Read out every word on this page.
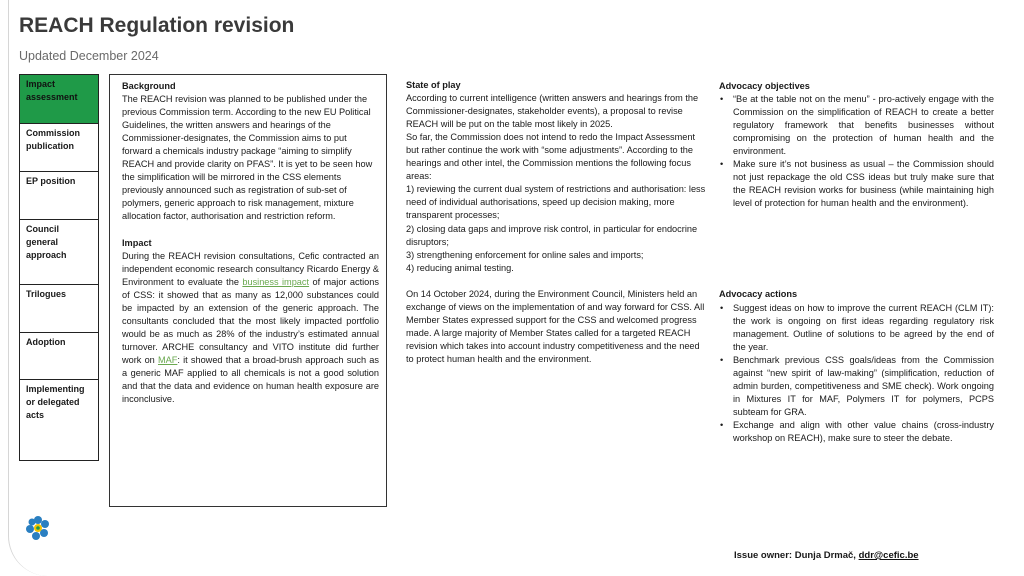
REACH Regulation revision
Updated December 2024
Impact assessment
Commission publication
EP position
Council general approach
Trilogues
Adoption
Implementing or delegated acts

Background

The REACH revision was planned to be published under the previous Commission term. According to the new EU Political Guidelines, the written answers and hearings of the Commissioner-designates, the Commission aims to put forward a chemicals industry package “aiming to simplify REACH and provide clarity on PFAS”. It is yet to be seen how the simplification will be mirrored in the CSS elements previously announced such as registration of sub-set of polymers, generic approach to risk management, mixture allocation factor, authorisation and restriction reform.

Impact

During the REACH revision consultations, Cefic contracted an independent economic research consultancy Ricardo Energy & Environment to evaluate the business impact of major actions of CSS: it showed that as many as 12,000 substances could be impacted by an extension of the generic approach. The consultants concluded that the most likely impacted portfolio would be as much as 28% of the industry’s estimated annual turnover. ARCHE consultancy and VITO institute did further work on MAF: it showed that a broad-brush approach such as a generic MAF applied to all chemicals is not a good solution and that the data and evidence on human health exposure are inconclusive.

State of play

According to current intelligence (written answers and hearings from the Commissioner-designates, stakeholder events), a proposal to revise REACH will be put on the table most likely in 2025.

So far, the Commission does not intend to redo the Impact Assessment but rather continue the work with “some adjustments”. According to the hearings and other intel, the Commission mentions the following focus areas:

1) reviewing the current dual system of restrictions and authorisation: less need of individual authorisations, speed up decision making, more transparent processes;

2) closing data gaps and improve risk control, in particular for endocrine disruptors;

3) strengthening enforcement for online sales and imports;

4) reducing animal testing.

On 14 October 2024, during the Environment Council, Ministers held an exchange of views on the implementation of and way forward for CSS. All Member States expressed support for the CSS and welcomed progress made. A large majority of Member States called for a targeted REACH revision which takes into account industry competitiveness and the need to protect human health and the environment.

Advocacy objectives

• “Be at the table not on the menu” - pro-actively engage with the Commission on the simplification of REACH to create a better regulatory framework that benefits businesses without compromising on the protection of human health and the environment.
• Make sure it’s not business as usual – the Commission should not just repackage the old CSS ideas but truly make sure that the REACH revision works for business (while maintaining high level of protection for human health and the environment).

Advocacy actions

• Suggest ideas on how to improve the current REACH (CLM IT): the work is ongoing on first ideas regarding regulatory risk management. Outline of solutions to be agreed by the end of the year.
• Benchmark previous CSS goals/ideas from the Commission against “new spirit of law-making” (simplification, reduction of admin burden, competitiveness and SME check). Work ongoing in Mixtures IT for MAF, Polymers IT for polymers, PCPS subteam for GRA.
• Exchange and align with other value chains (cross-industry workshop on REACH), make sure to steer the debate.
Issue owner: Dunja Drmač, ddr@cefic.be
